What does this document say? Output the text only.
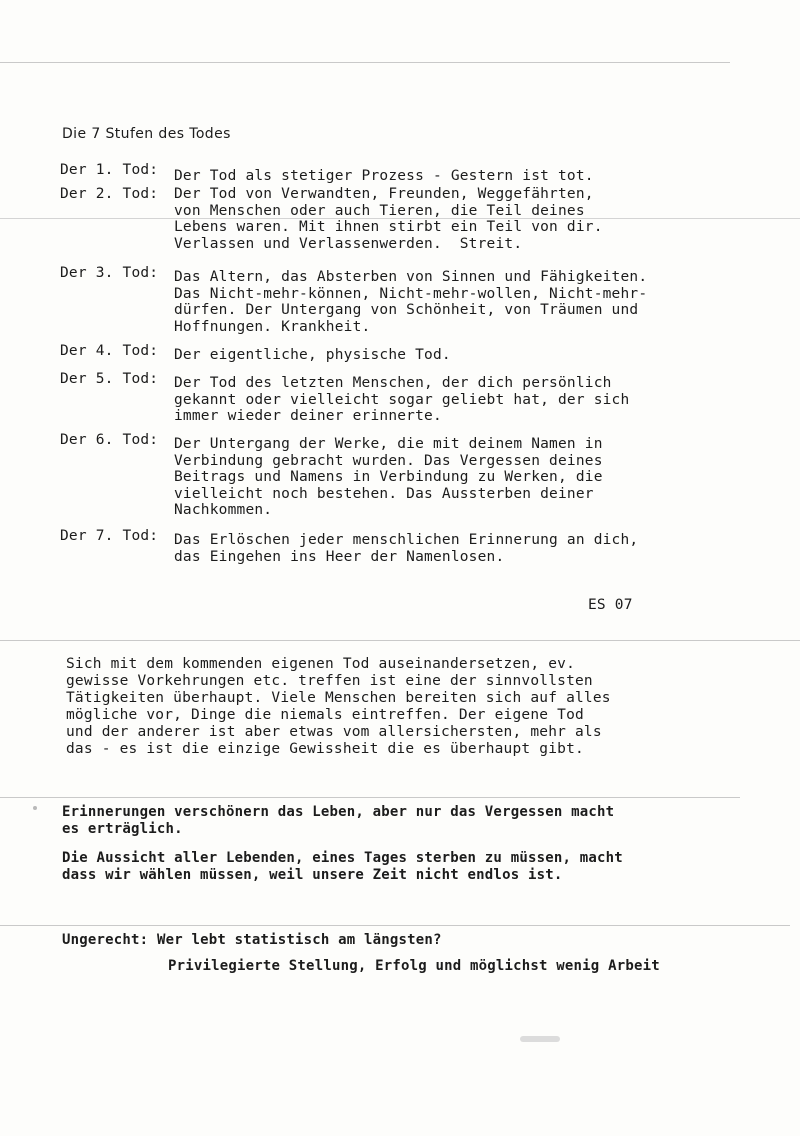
Die 7 Stufen des Todes
Der 1. Tod: Der Tod als stetiger Prozess - Gestern ist tot.
Der 2. Tod: Der Tod von Verwandten, Freunden, Weggefährten,
von Menschen oder auch Tieren, die Teil deines
Lebens waren. Mit ihnen stirbt ein Teil von dir.
Verlassen und Verlassenwerden.  Streit.
Der 3. Tod: Das Altern, das Absterben von Sinnen und Fähigkeiten.
Das Nicht-mehr-können, Nicht-mehr-wollen, Nicht-mehr-
dürfen. Der Untergang von Schönheit, von Träumen und
Hoffnungen. Krankheit.
Der 4. Tod: Der eigentliche, physische Tod.
Der 5. Tod: Der Tod des letzten Menschen, der dich persönlich
gekannt oder vielleicht sogar geliebt hat, der sich
immer wieder deiner erinnerte.
Der 6. Tod: Der Untergang der Werke, die mit deinem Namen in
Verbindung gebracht wurden. Das Vergessen deines
Beitrags und Namens in Verbindung zu Werken, die
vielleicht noch bestehen. Das Aussterben deiner
Nachkommen.
Der 7. Tod: Das Erlöschen jeder menschlichen Erinnerung an dich,
das Eingehen ins Heer der Namenlosen.
ES 07
Sich mit dem kommenden eigenen Tod auseinandersetzen, ev.
gewisse Vorkehrungen etc. treffen ist eine der sinnvollsten
Tätigkeiten überhaupt. Viele Menschen bereiten sich auf alles
mögliche vor, Dinge die niemals eintreffen. Der eigene Tod
und der anderer ist aber etwas vom allersichersten, mehr als
das - es ist die einzige Gewissheit die es überhaupt gibt.
Erinnerungen verschönern das Leben, aber nur das Vergessen macht
es erträglich.
Die Aussicht aller Lebenden, eines Tages sterben zu müssen, macht
dass wir wählen müssen, weil unsere Zeit nicht endlos ist.
Ungerecht: Wer lebt statistisch am längsten?
Privilegierte Stellung, Erfolg und möglichst wenig Arbeit
